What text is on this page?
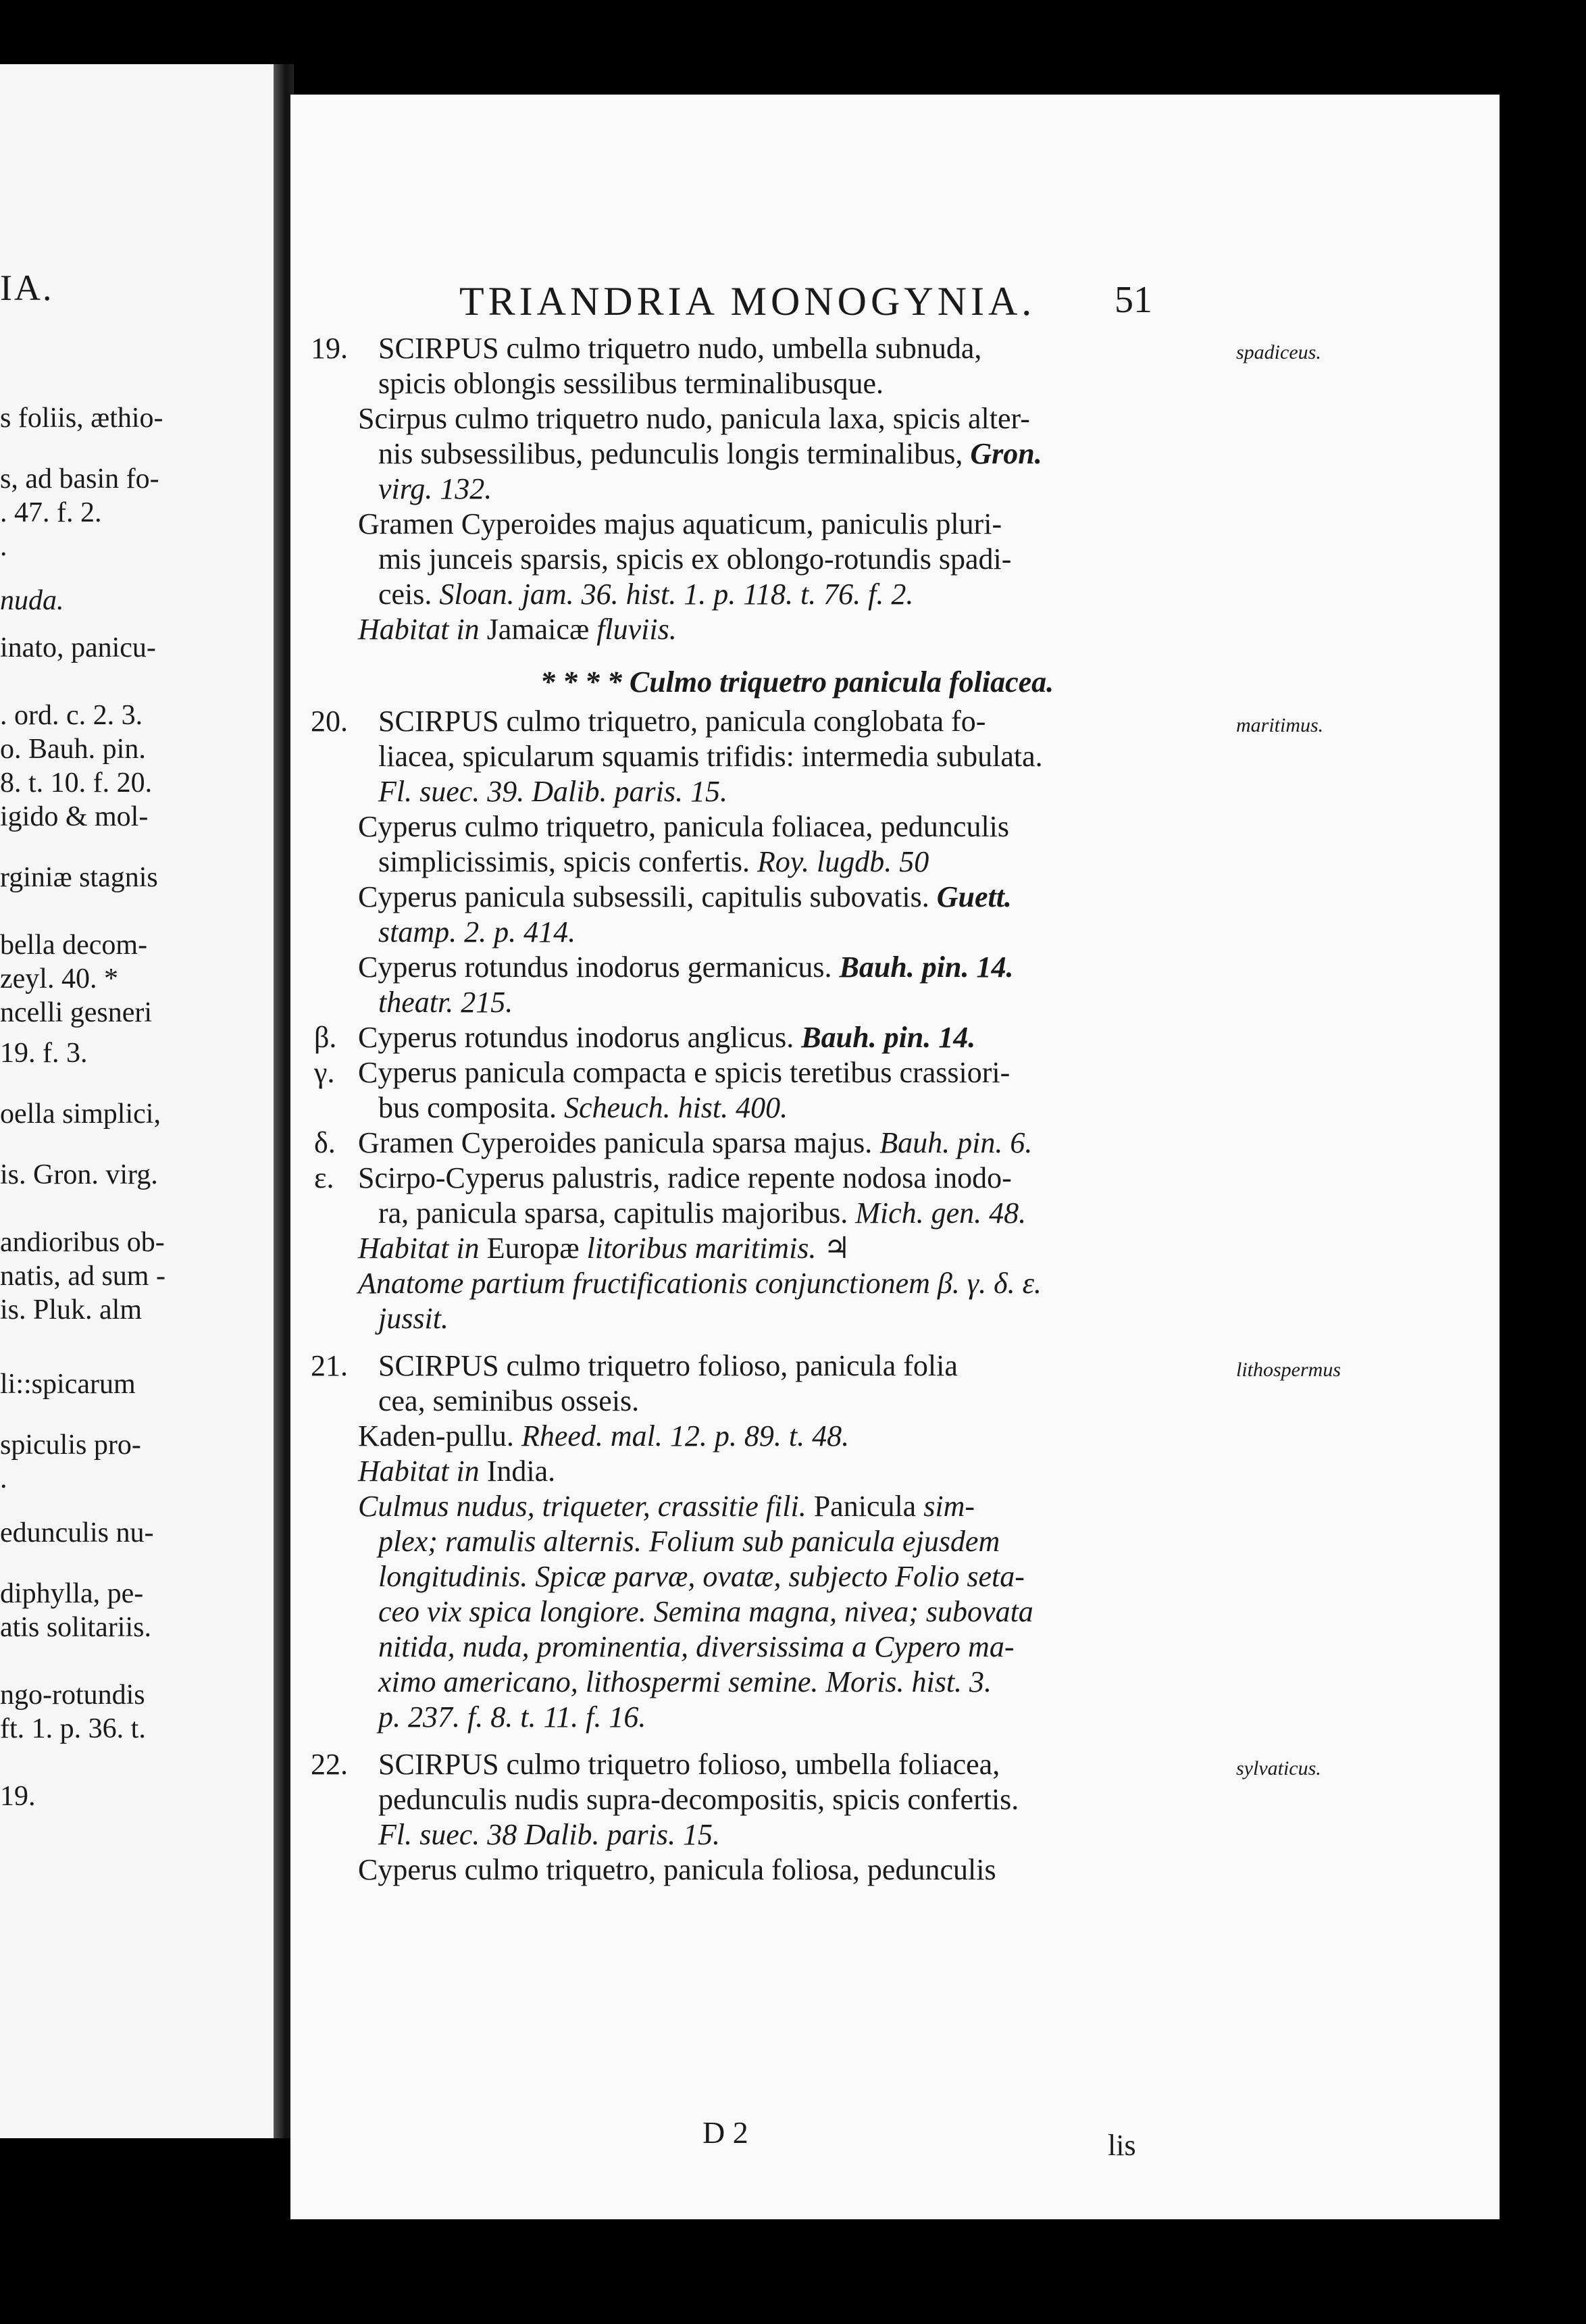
IA.
s foliis, æthio-
s, ad basin fo-
. 47. f. 2.
.
nuda.
inato, panicu-
. ord. c. 2. 3.
o. Bauh. pin.
8. t. 10. f. 20.
igido & mol-
rginiæ stagnis
bella decom-
zeyl. 40. *
ncelli gesneri
19. f. 3.
oella simplici,
is. Gron. virg.
andioribus ob-
natis, ad sum -
is. Pluk. alm
li::spicarum
spiculis pro-
.
edunculis nu-
diphylla, pe-
atis solitariis.
ngo-rotundis
ft. 1. p. 36. t.
19.
TRIANDRIA MONOGYNIA. 51
19. SCIRPUS culmo triquetro nudo, umbella subnuda,	spadiceus.
spicis oblongis sessilibus terminalibusque.
Scirpus culmo triquetro nudo, panicula laxa, spicis alter-
nis subsessilibus, pedunculis longis terminalibus, Gron.
virg. 132.
Gramen Cyperoides majus aquaticum, paniculis pluri-
mis junceis sparsis, spicis ex oblongo-rotundis spadi-
ceis. Sloan. jam. 36. hist. 1. p. 118. t. 76. f. 2.
Habitat in Jamaicæ fluviis.
* * * * Culmo triquetro panicula foliacea.
20. SCIRPUS culmo triquetro, panicula conglobata fo-	maritimus.
liacea, spicularum squamis trifidis: intermedia subulata.
Fl. suec. 39. Dalib. paris. 15.
Cyperus culmo triquetro, panicula foliacea, pedunculis
simplicissimis, spicis confertis. Roy. lugdb. 50
Cyperus panicula subsessili, capitulis subovatis. Guett.
stamp. 2. p. 414.
Cyperus rotundus inodorus germanicus. Bauh. pin. 14.
theatr. 215.
β. Cyperus rotundus inodorus anglicus. Bauh. pin. 14.
γ. Cyperus panicula compacta e spicis teretibus crassiori-
bus composita. Scheuch. hist. 400.
δ. Gramen Cyperoides panicula sparsa majus. Bauh. pin. 6.
ε. Scirpo-Cyperus palustris, radice repente nodosa inodo-
ra, panicula sparsa, capitulis majoribus. Mich. gen. 48.
Habitat in Europæ litoribus maritimis. ♃
Anatome partium fructificationis conjunctionem β. γ. δ. ε.
jussit.
21. SCIRPUS culmo triquetro folioso, panicula folia	lithospermus
cea, seminibus osseis.
Kaden-pullu. Rheed. mal. 12. p. 89. t. 48.
Habitat in India.
Culmus nudus, triqueter, crassitie fili. Panicula sim-
plex; ramulis alternis. Folium sub panicula ejusdem
longitudinis. Spicæ parvæ, ovatæ, subjecto Folio seta-
ceo vix spica longiore. Semina magna, nivea; subovata
nitida, nuda, prominentia, diversissima a Cypero ma-
ximo americano, lithospermi semine. Moris. hist. 3.
p. 237. f. 8. t. 11. f. 16.
22. SCIRPUS culmo triquetro folioso, umbella foliacea,	sylvaticus.
pedunculis nudis supra-decompositis, spicis confertis.
Fl. suec. 38 Dalib. paris. 15.
Cyperus culmo triquetro, panicula foliosa, pedunculis
D 2	lis
